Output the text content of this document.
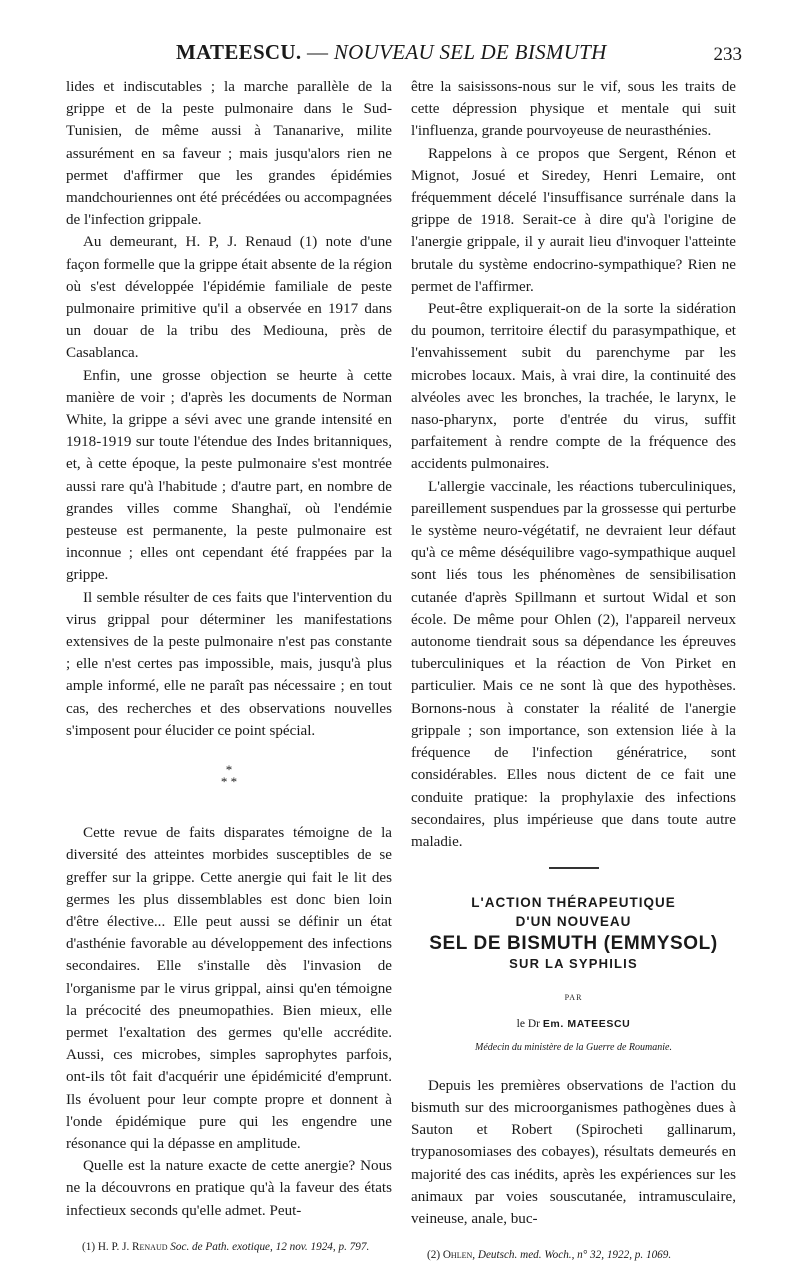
MATEESCU. — NOUVEAU SEL DE BISMUTH	233

lides et indiscutables ; la marche parallèle de la grippe et de la peste pulmonaire dans le Sud-Tunisien, de même aussi à Tananarive, milite assurément en sa faveur ; mais jusqu'alors rien ne permet d'affirmer que les grandes épidémies mandchouriennes ont été précédées ou accompagnées de l'infection grippale.

Au demeurant, H. P, J. Renaud (1) note d'une façon formelle que la grippe était absente de la région où s'est développée l'épidémie familiale de peste pulmonaire primitive qu'il a observée en 1917 dans un douar de la tribu des Mediouna, près de Casablanca.

Enfin, une grosse objection se heurte à cette manière de voir ; d'après les documents de Norman White, la grippe a sévi avec une grande intensité en 1918-1919 sur toute l'étendue des Indes britanniques, et, à cette époque, la peste pulmonaire s'est montrée aussi rare qu'à l'habitude ; d'autre part, en nombre de grandes villes comme Shanghaï, où l'endémie pesteuse est permanente, la peste pulmonaire est inconnue ; elles ont cependant été frappées par la grippe.

Il semble résulter de ces faits que l'intervention du virus grippal pour déterminer les manifestations extensives de la peste pulmonaire n'est pas constante ; elle n'est certes pas impossible, mais, jusqu'à plus ample informé, elle ne paraît pas nécessaire ; en tout cas, des recherches et des observations nouvelles s'imposent pour élucider ce point spécial.

*
* *

Cette revue de faits disparates témoigne de la diversité des atteintes morbides susceptibles de se greffer sur la grippe. Cette anergie qui fait le lit des germes les plus dissemblables est donc bien loin d'être élective... Elle peut aussi se définir un état d'asthénie favorable au développement des infections secondaires. Elle s'installe dès l'invasion de l'organisme par le virus grippal, ainsi qu'en témoigne la précocité des pneumopathies. Bien mieux, elle permet l'exaltation des germes qu'elle accrédite. Aussi, ces microbes, simples saprophytes parfois, ont-ils tôt fait d'acquérir une épidémicité d'emprunt. Ils évoluent pour leur compte propre et donnent à l'onde épidémique pure qui les engendre une résonance qui la dépasse en amplitude.

Quelle est la nature exacte de cette anergie? Nous ne la découvrons en pratique qu'à la faveur des états infectieux seconds qu'elle admet. Peut-

(1) H. P. J. Renaud Soc. de Path. exotique, 12 nov. 1924, p. 797.

être la saisissons-nous sur le vif, sous les traits de cette dépression physique et mentale qui suit l'influenza, grande pourvoyeuse de neurasthénies.

Rappelons à ce propos que Sergent, Rénon et Mignot, Josué et Siredey, Henri Lemaire, ont fréquemment décelé l'insuffisance surrénale dans la grippe de 1918. Serait-ce à dire qu'à l'origine de l'anergie grippale, il y aurait lieu d'invoquer l'atteinte brutale du système endocrino-sympathique? Rien ne permet de l'affirmer.

Peut-être expliquerait-on de la sorte la sidération du poumon, territoire électif du parasympathique, et l'envahissement subit du parenchyme par les microbes locaux. Mais, à vrai dire, la continuité des alvéoles avec les bronches, la trachée, le larynx, le naso-pharynx, porte d'entrée du virus, suffit parfaitement à rendre compte de la fréquence des accidents pulmonaires.

L'allergie vaccinale, les réactions tuberculiniques, pareillement suspendues par la grossesse qui perturbe le système neuro-végétatif, ne devraient leur défaut qu'à ce même déséquilibre vago-sympathique auquel sont liés tous les phénomènes de sensibilisation cutanée d'après Spillmann et surtout Widal et son école. De même pour Ohlen (2), l'appareil nerveux autonome tiendrait sous sa dépendance les épreuves tuberculiniques et la réaction de Von Pirket en particulier. Mais ce ne sont là que des hypothèses. Bornons-nous à constater la réalité de l'anergie grippale ; son importance, son extension liée à la fréquence de l'infection génératrice, sont considérables. Elles nous dictent de ce fait une conduite pratique: la prophylaxie des infections secondaires, plus impérieuse que dans toute autre maladie.

L'ACTION THÉRAPEUTIQUE
D'UN NOUVEAU
SEL DE BISMUTH (EMMYSOL)
SUR LA SYPHILIS
PAR
le Dr Em. MATEESCU
Médecin du ministère de la Guerre de Roumanie.

Depuis les premières observations de l'action du bismuth sur des microorganismes pathogènes dues à Sauton et Robert (Spirocheti gallinarum, trypanosomiases des cobayes), résultats demeurés en majorité des cas inédits, après les expériences sur les animaux par voies souscutanée, intramusculaire, veineuse, anale, buc-

(2) Ohlen, Deutsch. med. Woch., n° 32, 1922, p. 1069.
